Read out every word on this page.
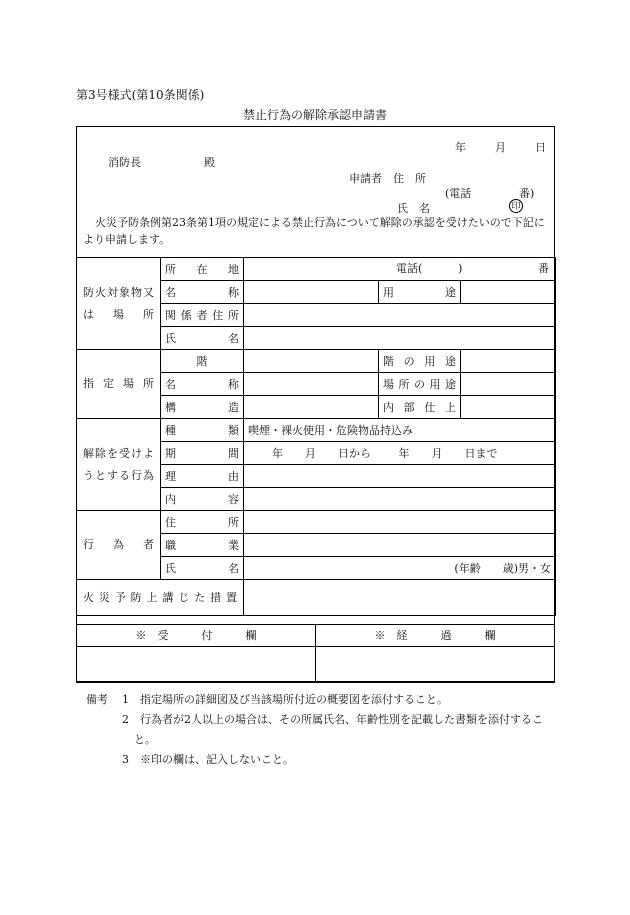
第3号様式(第10条関係)
禁止行為の解除承認申請書
年	月	日
消防長	殿
申請者 住　所
(電話	番)
氏　名	印
火災予防条例第23条第1項の規定による禁止行為について解除の承認を受けたいので下記により申請します。
防火対象物又は場所	所在地	電話( ) 番		

	名称		用途	
	関係者住所			
	氏名			
指定場所	階		階の用途	
	名称		場所の用途	
	構造		内部仕上	
解除を受けようとする行為	種類	喫煙・裸火使用・危険物品持込み		
	期間	年　　月　　日から 年　　月　　日まで		
	理由			
	内容			
行為者	住所			
	職業			
	氏名	(年齢　　歳)男・女		
火災予防上講じた措置				
※　受　　　付　　　欄	※　経　　　過　　　欄
備考	1　指定場所の詳細図及び当該場所付近の概要図を添付すること。
2　行為者が2人以上の場合は、その所属氏名、年齢性別を記載した書類を添付すること。
3　※印の欄は、記入しないこと。
